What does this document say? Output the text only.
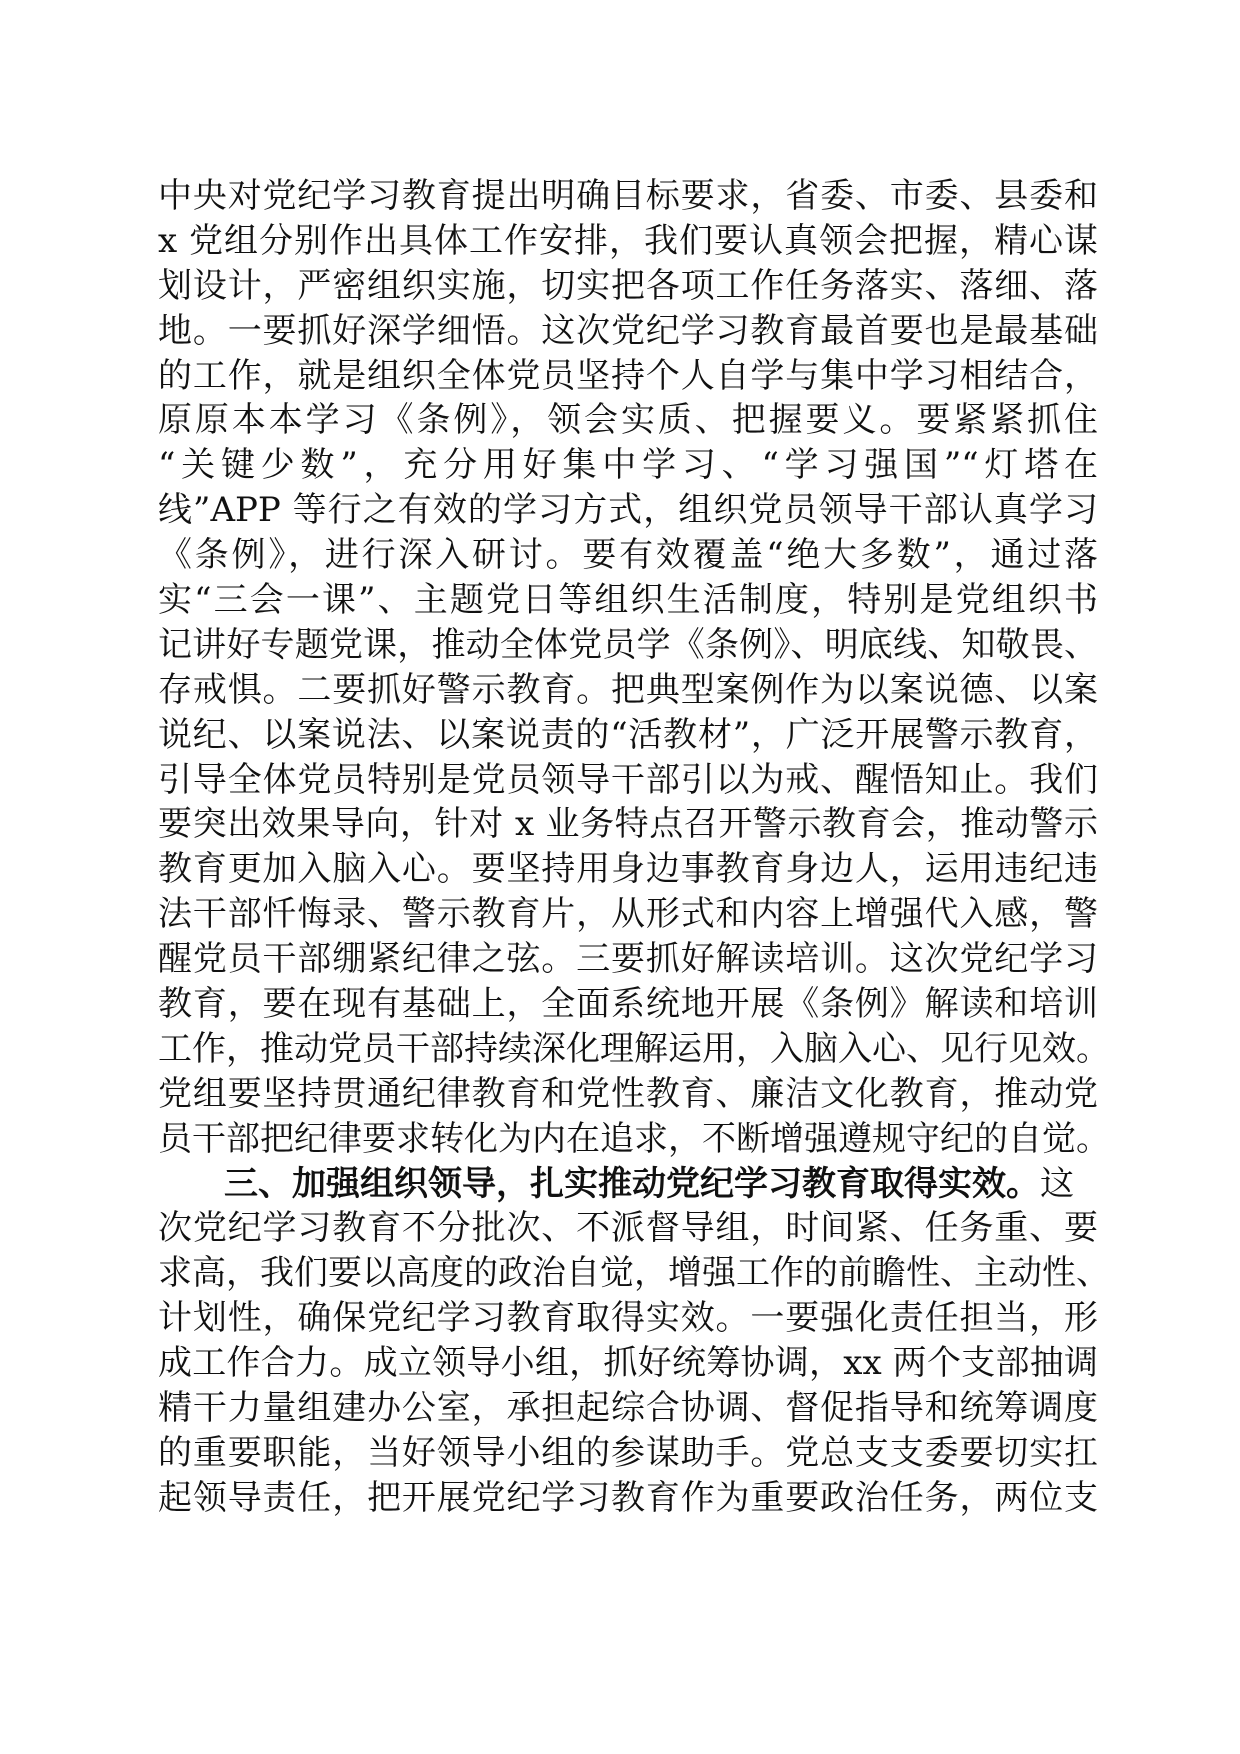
中央对党纪学习教育提出明确目标要求，省委、市委、县委和
x 党组分别作出具体工作安排，我们要认真领会把握，精心谋
划设计，严密组织实施，切实把各项工作任务落实、落细、落
地。一要抓好深学细悟。这次党纪学习教育最首要也是最基础
的工作，就是组织全体党员坚持个人自学与集中学习相结合，
原原本本学习《条例》，领会实质、把握要义。要紧紧抓住
“关键少数”，充分用好集中学习、“学习强国”“灯塔在
线”APP 等行之有效的学习方式，组织党员领导干部认真学习
《条例》，进行深入研讨。要有效覆盖“绝大多数”，通过落
实“三会一课”、主题党日等组织生活制度，特别是党组织书
记讲好专题党课，推动全体党员学《条例》、明底线、知敬畏、
存戒惧。二要抓好警示教育。把典型案例作为以案说德、以案
说纪、以案说法、以案说责的“活教材”，广泛开展警示教育，
引导全体党员特别是党员领导干部引以为戒、醒悟知止。我们
要突出效果导向，针对 x 业务特点召开警示教育会，推动警示
教育更加入脑入心。要坚持用身边事教育身边人，运用违纪违
法干部忏悔录、警示教育片，从形式和内容上增强代入感，警
醒党员干部绷紧纪律之弦。三要抓好解读培训。这次党纪学习
教育，要在现有基础上，全面系统地开展《条例》解读和培训
工作，推动党员干部持续深化理解运用，入脑入心、见行见效。
党组要坚持贯通纪律教育和党性教育、廉洁文化教育，推动党
员干部把纪律要求转化为内在追求，不断增强遵规守纪的自觉。
三、加强组织领导，扎实推动党纪学习教育取得实效。这
次党纪学习教育不分批次、不派督导组，时间紧、任务重、要
求高，我们要以高度的政治自觉，增强工作的前瞻性、主动性、
计划性，确保党纪学习教育取得实效。一要强化责任担当，形
成工作合力。成立领导小组，抓好统筹协调，xx 两个支部抽调
精干力量组建办公室，承担起综合协调、督促指导和统筹调度
的重要职能，当好领导小组的参谋助手。党总支支委要切实扛
起领导责任，把开展党纪学习教育作为重要政治任务，两位支
